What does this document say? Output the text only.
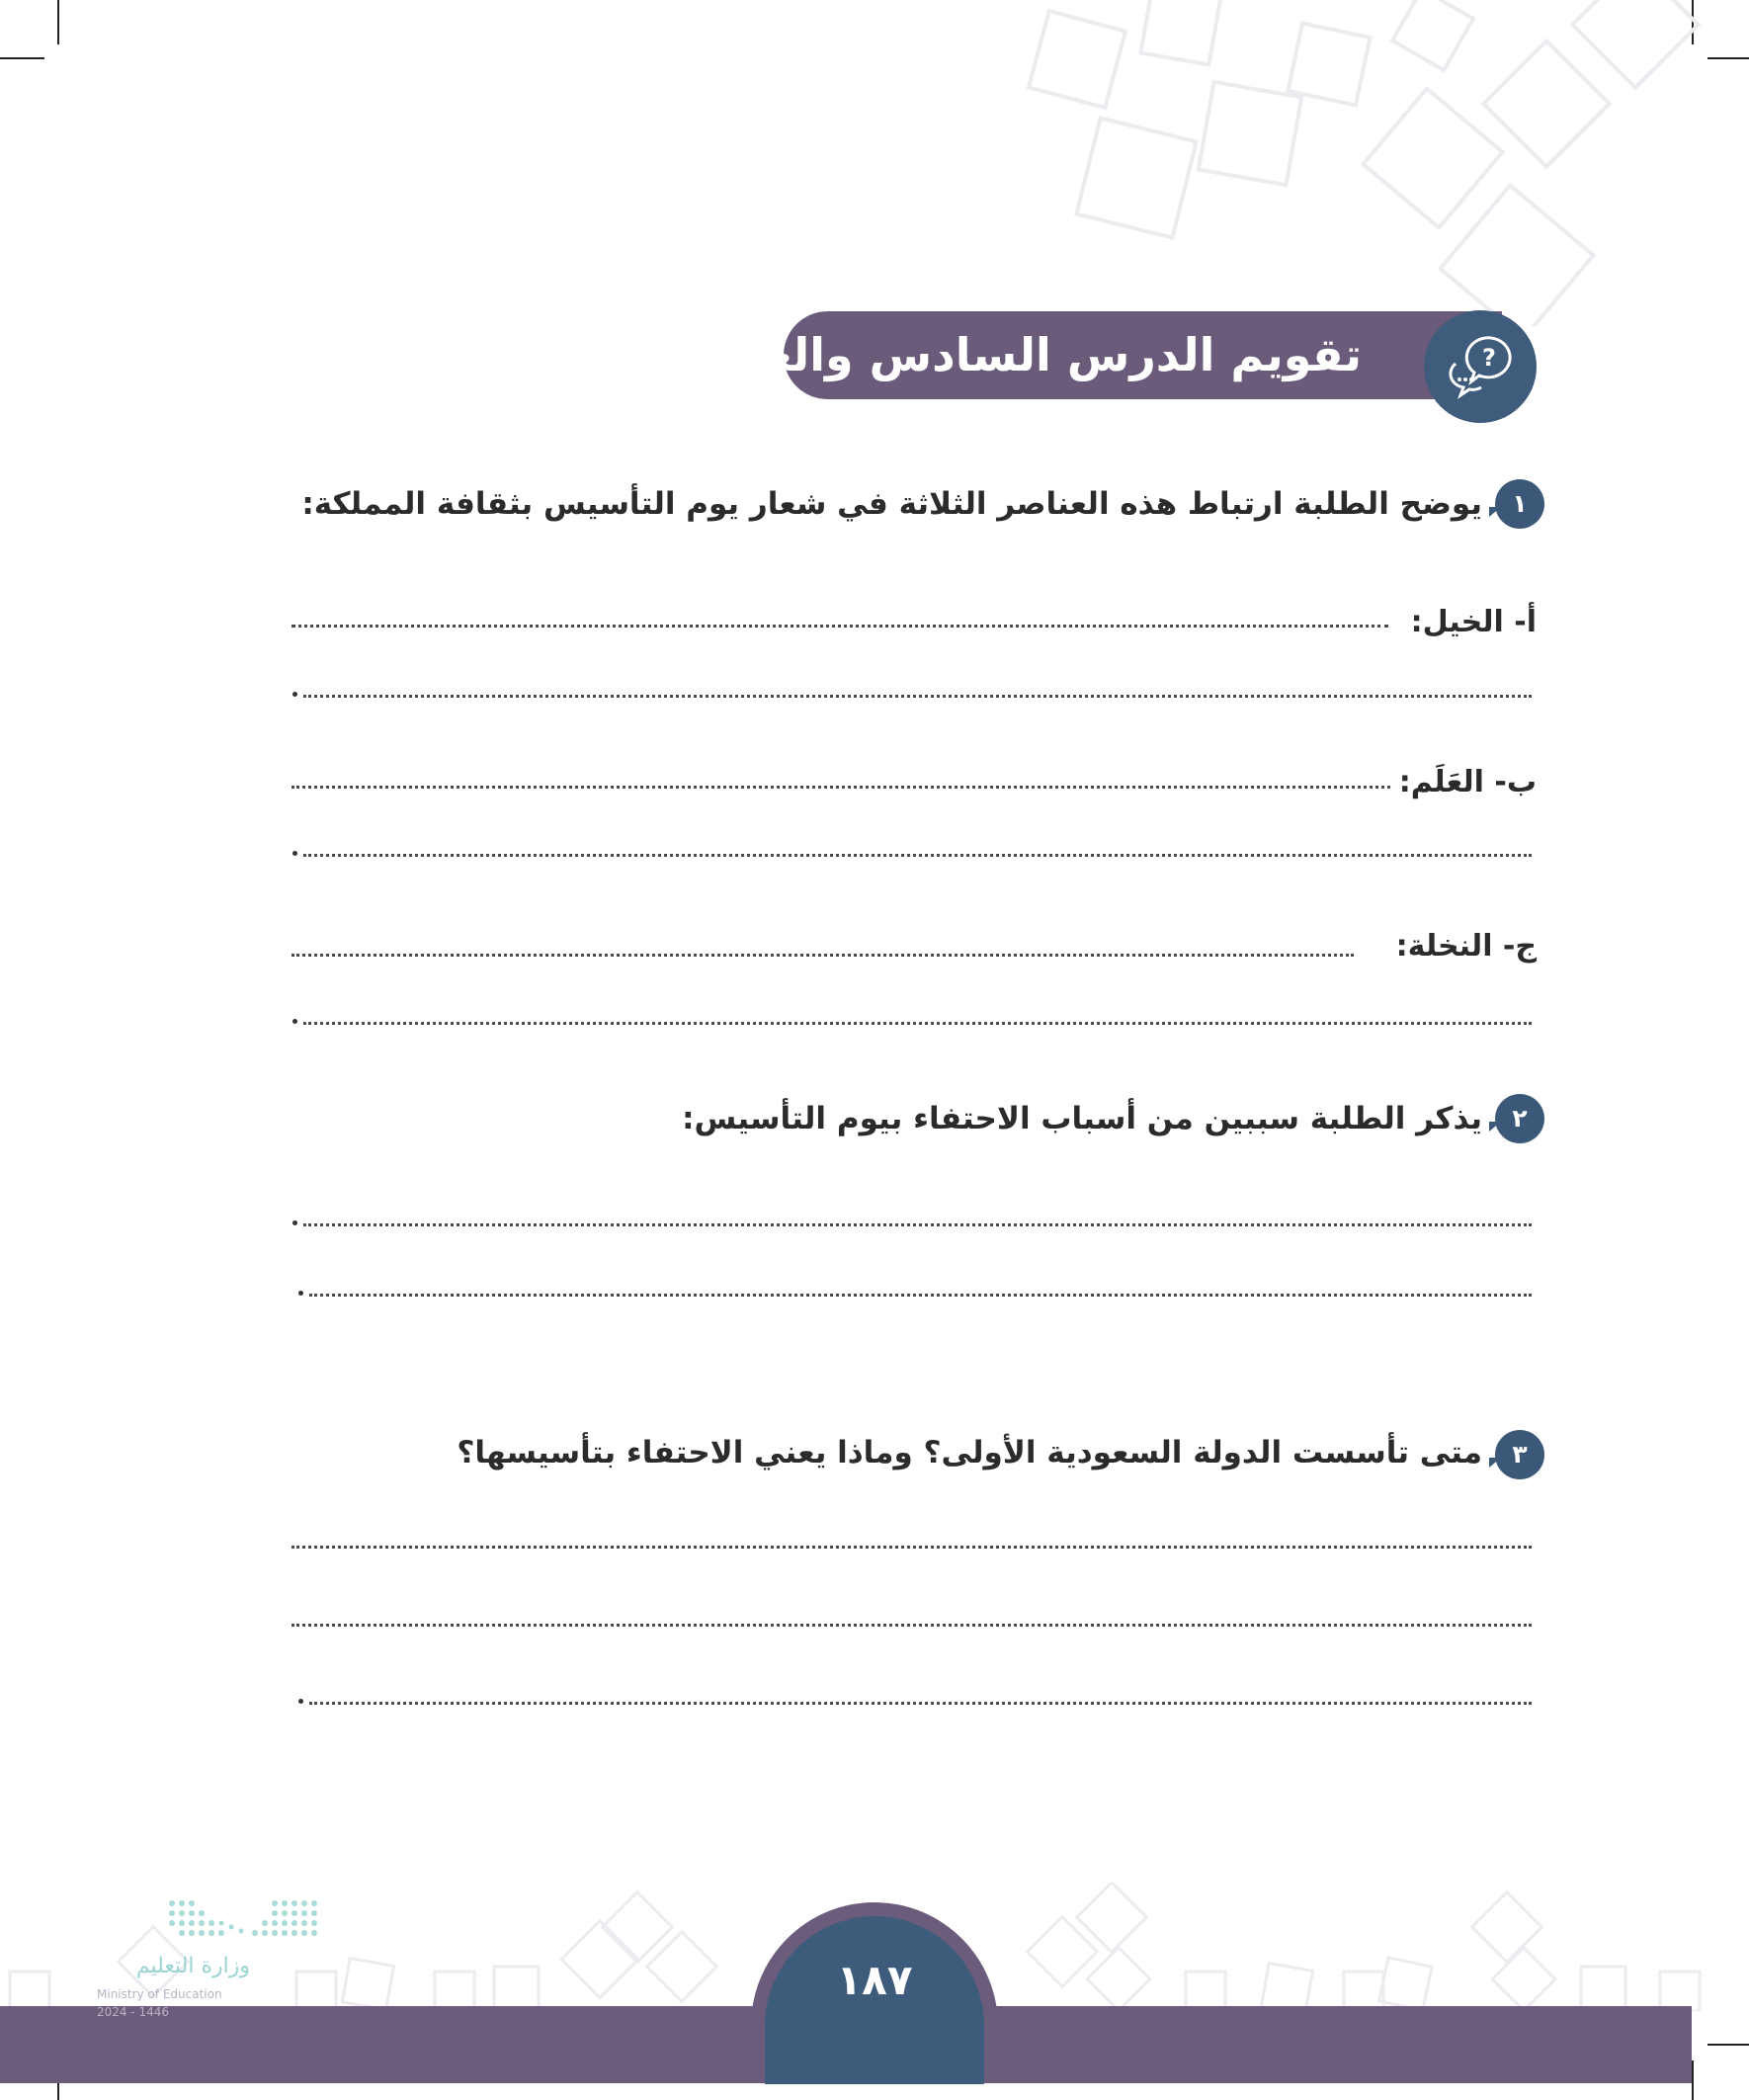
تقويم الدرس السادس والعشرون	?
١
يوضح الطلبة ارتباط هذه العناصر الثلاثة في شعار يوم التأسيس بثقافة المملكة:
أ- الخيل:
ب- العَلَم:
ج- النخلة:
٢
يذكر الطلبة سببين من أسباب الاحتفاء بيوم التأسيس:
٣
متى تأسست الدولة السعودية الأولى؟ وماذا يعني الاحتفاء بتأسيسها؟
١٨٧
وزارة التعليم
Ministry of Education
2024 - 1446
